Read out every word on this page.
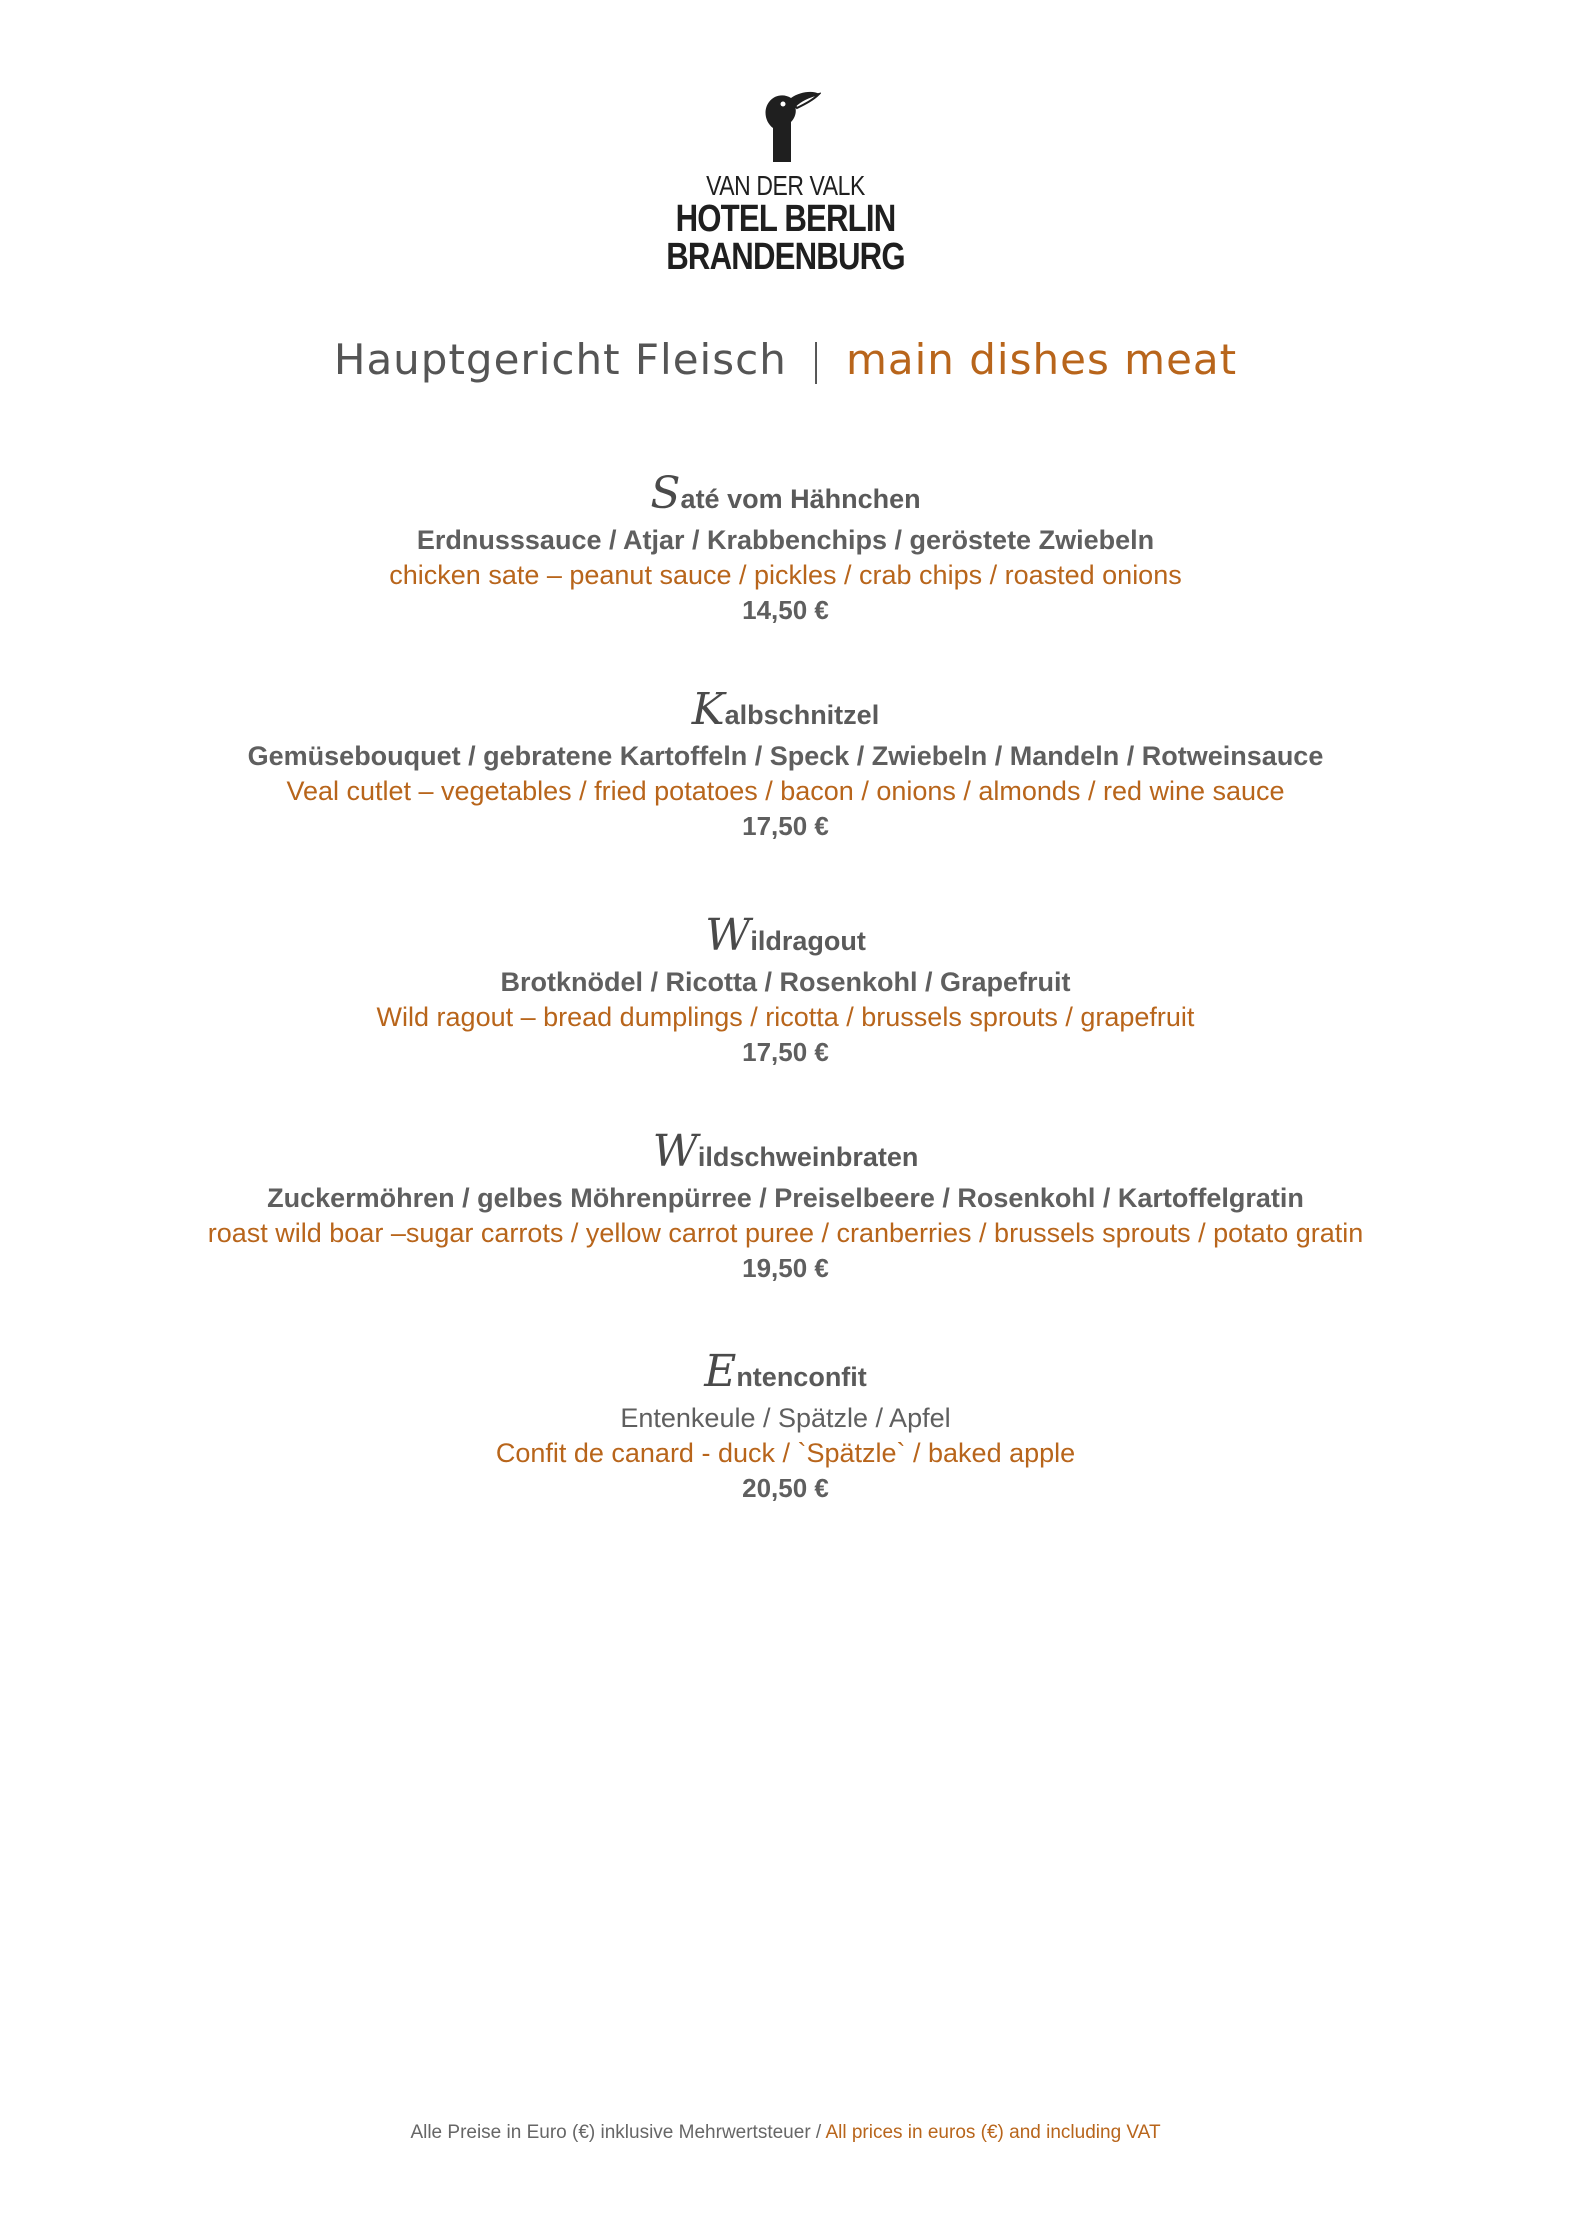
VAN DER VALK
HOTEL BERLIN
BRANDENBURG
Hauptgericht Fleisch | main dishes meat
Saté vom Hähnchen
Erdnusssauce / Atjar / Krabbenchips / geröstete Zwiebeln
chicken sate – peanut sauce / pickles / crab chips / roasted onions
14,50 €
Kalbschnitzel
Gemüsebouquet / gebratene Kartoffeln / Speck / Zwiebeln / Mandeln / Rotweinsauce
Veal cutlet – vegetables / fried potatoes / bacon / onions / almonds / red wine sauce
17,50 €
Wildragout
Brotknödel / Ricotta / Rosenkohl / Grapefruit
Wild ragout – bread dumplings / ricotta / brussels sprouts / grapefruit
17,50 €
Wildschweinbraten
Zuckermöhren / gelbes Möhrenpürree / Preiselbeere / Rosenkohl / Kartoffelgratin
roast wild boar –sugar carrots / yellow carrot puree / cranberries / brussels sprouts / potato gratin
19,50 €
Entenconfit
Entenkeule / Spätzle / Apfel
Confit de canard - duck / `Spätzle` / baked apple
20,50 €
Alle Preise in Euro (€) inklusive Mehrwertsteuer / All prices in euros (€) and including VAT
